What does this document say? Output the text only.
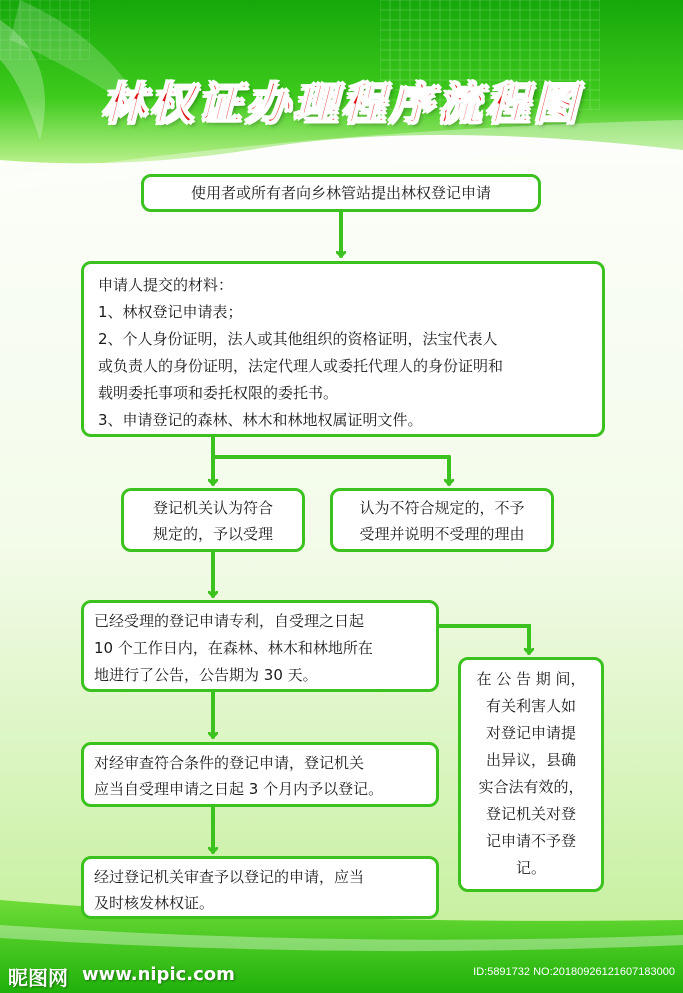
林权证办理程序流程图
使用者或所有者向乡林管站提出林权登记申请
申请人提交的材料：
1、林权登记申请表；
2、个人身份证明，法人或其他组织的资格证明，法宝代表人
或负责人的身份证明，法定代理人或委托代理人的身份证明和
载明委托事项和委托权限的委托书。
3、申请登记的森林、林木和林地权属证明文件。
登记机关认为符合
规定的，予以受理
认为不符合规定的，不予
受理并说明不受理的理由
已经受理的登记申请专利，自受理之日起
10 个工作日内，在森林、林木和林地所在
地进行了公告，公告期为 30 天。	在 公 告 期 间，
有关利害人如
对登记申请提
出异议，县确
实合法有效的，
登记机关对登
记申请不予登
记。
对经审查符合条件的登记申请，登记机关
应当自受理申请之日起 3 个月内予以登记。
经过登记机关审查予以登记的申请，应当
及时核发林权证。
昵图网 www.nipic.com	ID:5891732 NO:20180926121607183000
